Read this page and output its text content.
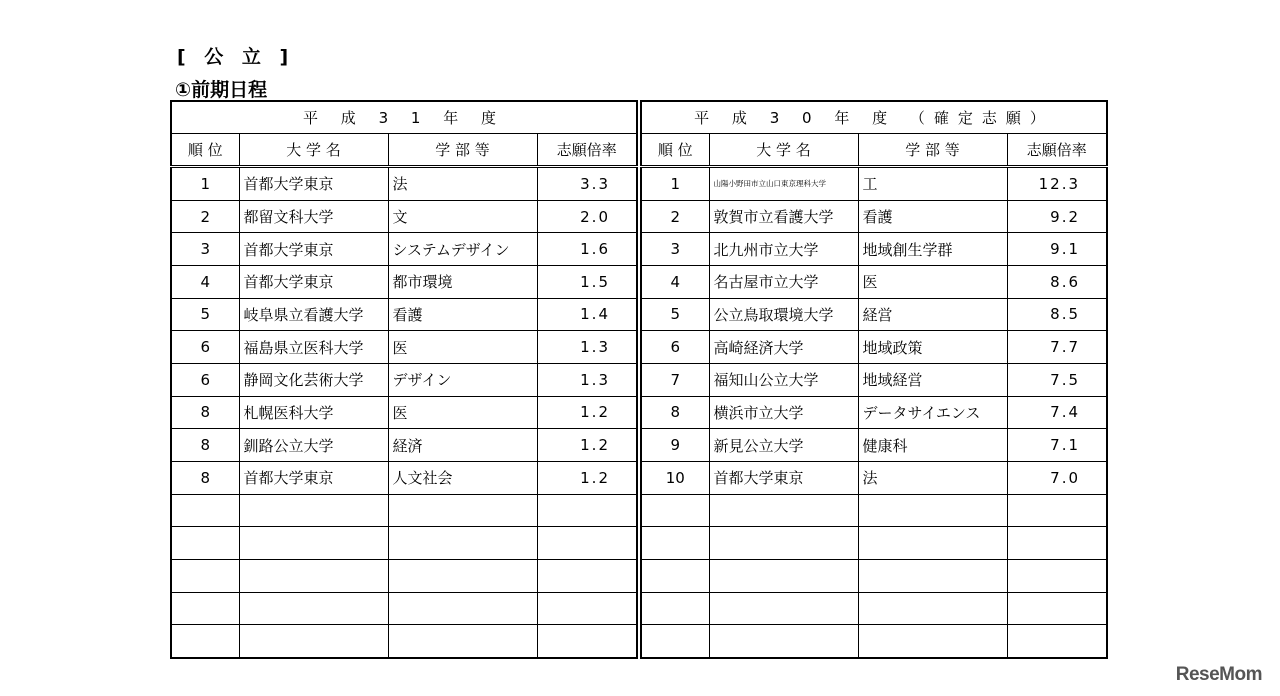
[ 公 立 ]
①前期日程
平 成 3 1 年 度			
順 位	大 学 名	学 部 等	志願倍率
1	首都大学東京	法	3.3
2	都留文科大学	文	2.0
3	首都大学東京	システムデザイン	1.6
4	首都大学東京	都市環境	1.5
5	岐阜県立看護大学	看護	1.4
6	福島県立医科大学	医	1.3
6	静岡文化芸術大学	デザイン	1.3
8	札幌医科大学	医	1.2
8	釧路公立大学	経済	1.2
8	首都大学東京	人文社会	1.2

平 成 3 0 年 度 （確定志願）			
順 位	大 学 名	学 部 等	志願倍率
1	山陽小野田市立山口東京理科大学	工	12.3
2	敦賀市立看護大学	看護	9.2
3	北九州市立大学	地域創生学群	9.1
4	名古屋市立大学	医	8.6
5	公立鳥取環境大学	経営	8.5
6	高崎経済大学	地域政策	7.7
7	福知山公立大学	地域経営	7.5
8	横浜市立大学	データサイエンス	7.4
9	新見公立大学	健康科	7.1
10	首都大学東京	法	7.0

ReseMom
